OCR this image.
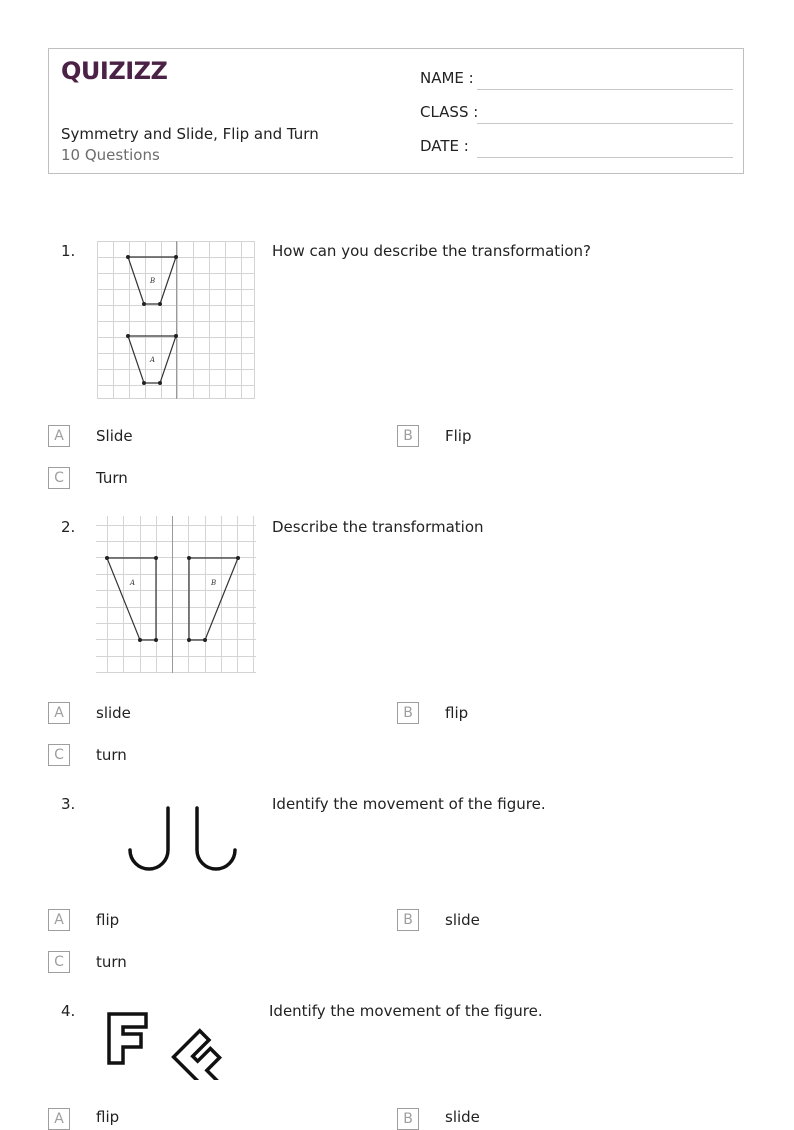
QUIZIZZ
Symmetry and Slide, Flip and Turn
10 Questions
NAME :
CLASS :
DATE :
1.
B
A
How can you describe the transformation?
A	Slide	B	Flip
C	Turn
2.
A	B
Describe the transformation
A	slide	B	flip
C	turn
3.	Identify the movement of the figure.
A	flip	B	slide
C	turn
4.	Identify the movement of the figure.
A	flip	B	slide
